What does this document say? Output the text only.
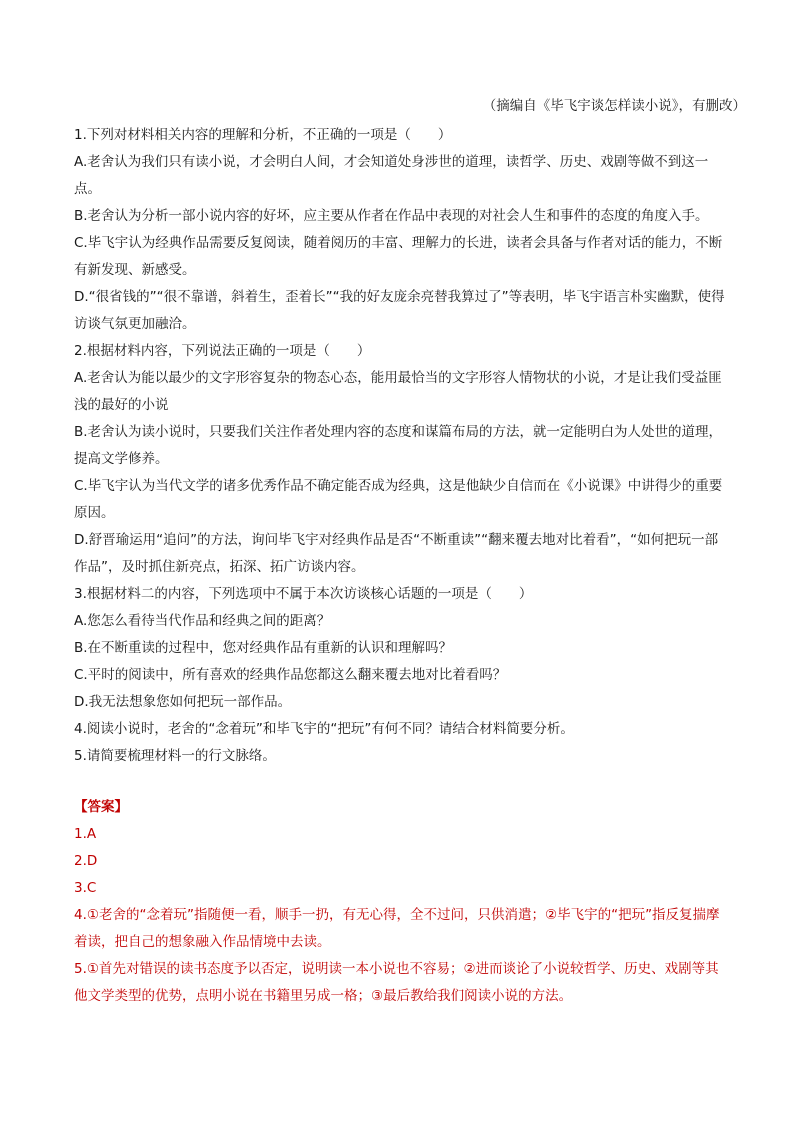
（摘编自《毕飞宇谈怎样读小说》，有删改）

1.下列对材料相关内容的理解和分析，不正确的一项是（　　）

A.老舍认为我们只有读小说，才会明白人间，才会知道处身涉世的道理，读哲学、历史、戏剧等做不到这一点。

B.老舍认为分析一部小说内容的好坏，应主要从作者在作品中表现的对社会人生和事件的态度的角度入手。

C.毕飞宇认为经典作品需要反复阅读，随着阅历的丰富、理解力的长进，读者会具备与作者对话的能力，不断有新发现、新感受。

D.“很省钱的”“很不靠谱，斜着生，歪着长”“我的好友庞余亮替我算过了”等表明，毕飞宇语言朴实幽默，使得访谈气氛更加融洽。

2.根据材料内容，下列说法正确的一项是（　　）

A.老舍认为能以最少的文字形容复杂的物态心态，能用最恰当的文字形容人情物状的小说，才是让我们受益匪浅的最好的小说

B.老舍认为读小说时，只要我们关注作者处理内容的态度和谋篇布局的方法，就一定能明白为人处世的道理，提高文学修养。

C.毕飞宇认为当代文学的诸多优秀作品不确定能否成为经典，这是他缺少自信而在《小说课》中讲得少的重要原因。

D.舒晋瑜运用“追问”的方法，询问毕飞宇对经典作品是否“不断重读”“翻来覆去地对比着看”，“如何把玩一部作品”，及时抓住新亮点，拓深、拓广访谈内容。

3.根据材料二的内容，下列选项中不属于本次访谈核心话题的一项是（　　）

A.您怎么看待当代作品和经典之间的距离？

B.在不断重读的过程中，您对经典作品有重新的认识和理解吗？

C.平时的阅读中，所有喜欢的经典作品您都这么翻来覆去地对比着看吗？

D.我无法想象您如何把玩一部作品。

4.阅读小说时，老舍的“念着玩”和毕飞宇的“把玩”有何不同？请结合材料简要分析。

5.请简要梳理材料一的行文脉络。

【答案】

1.A

2.D

3.C

4.①老舍的“念着玩”指随便一看，顺手一扔，有无心得，全不过问，只供消遣；②毕飞宇的“把玩”指反复揣摩着读，把自己的想象融入作品情境中去读。

5.①首先对错误的读书态度予以否定，说明读一本小说也不容易；②进而谈论了小说较哲学、历史、戏剧等其他文学类型的优势，点明小说在书籍里另成一格；③最后教给我们阅读小说的方法。
